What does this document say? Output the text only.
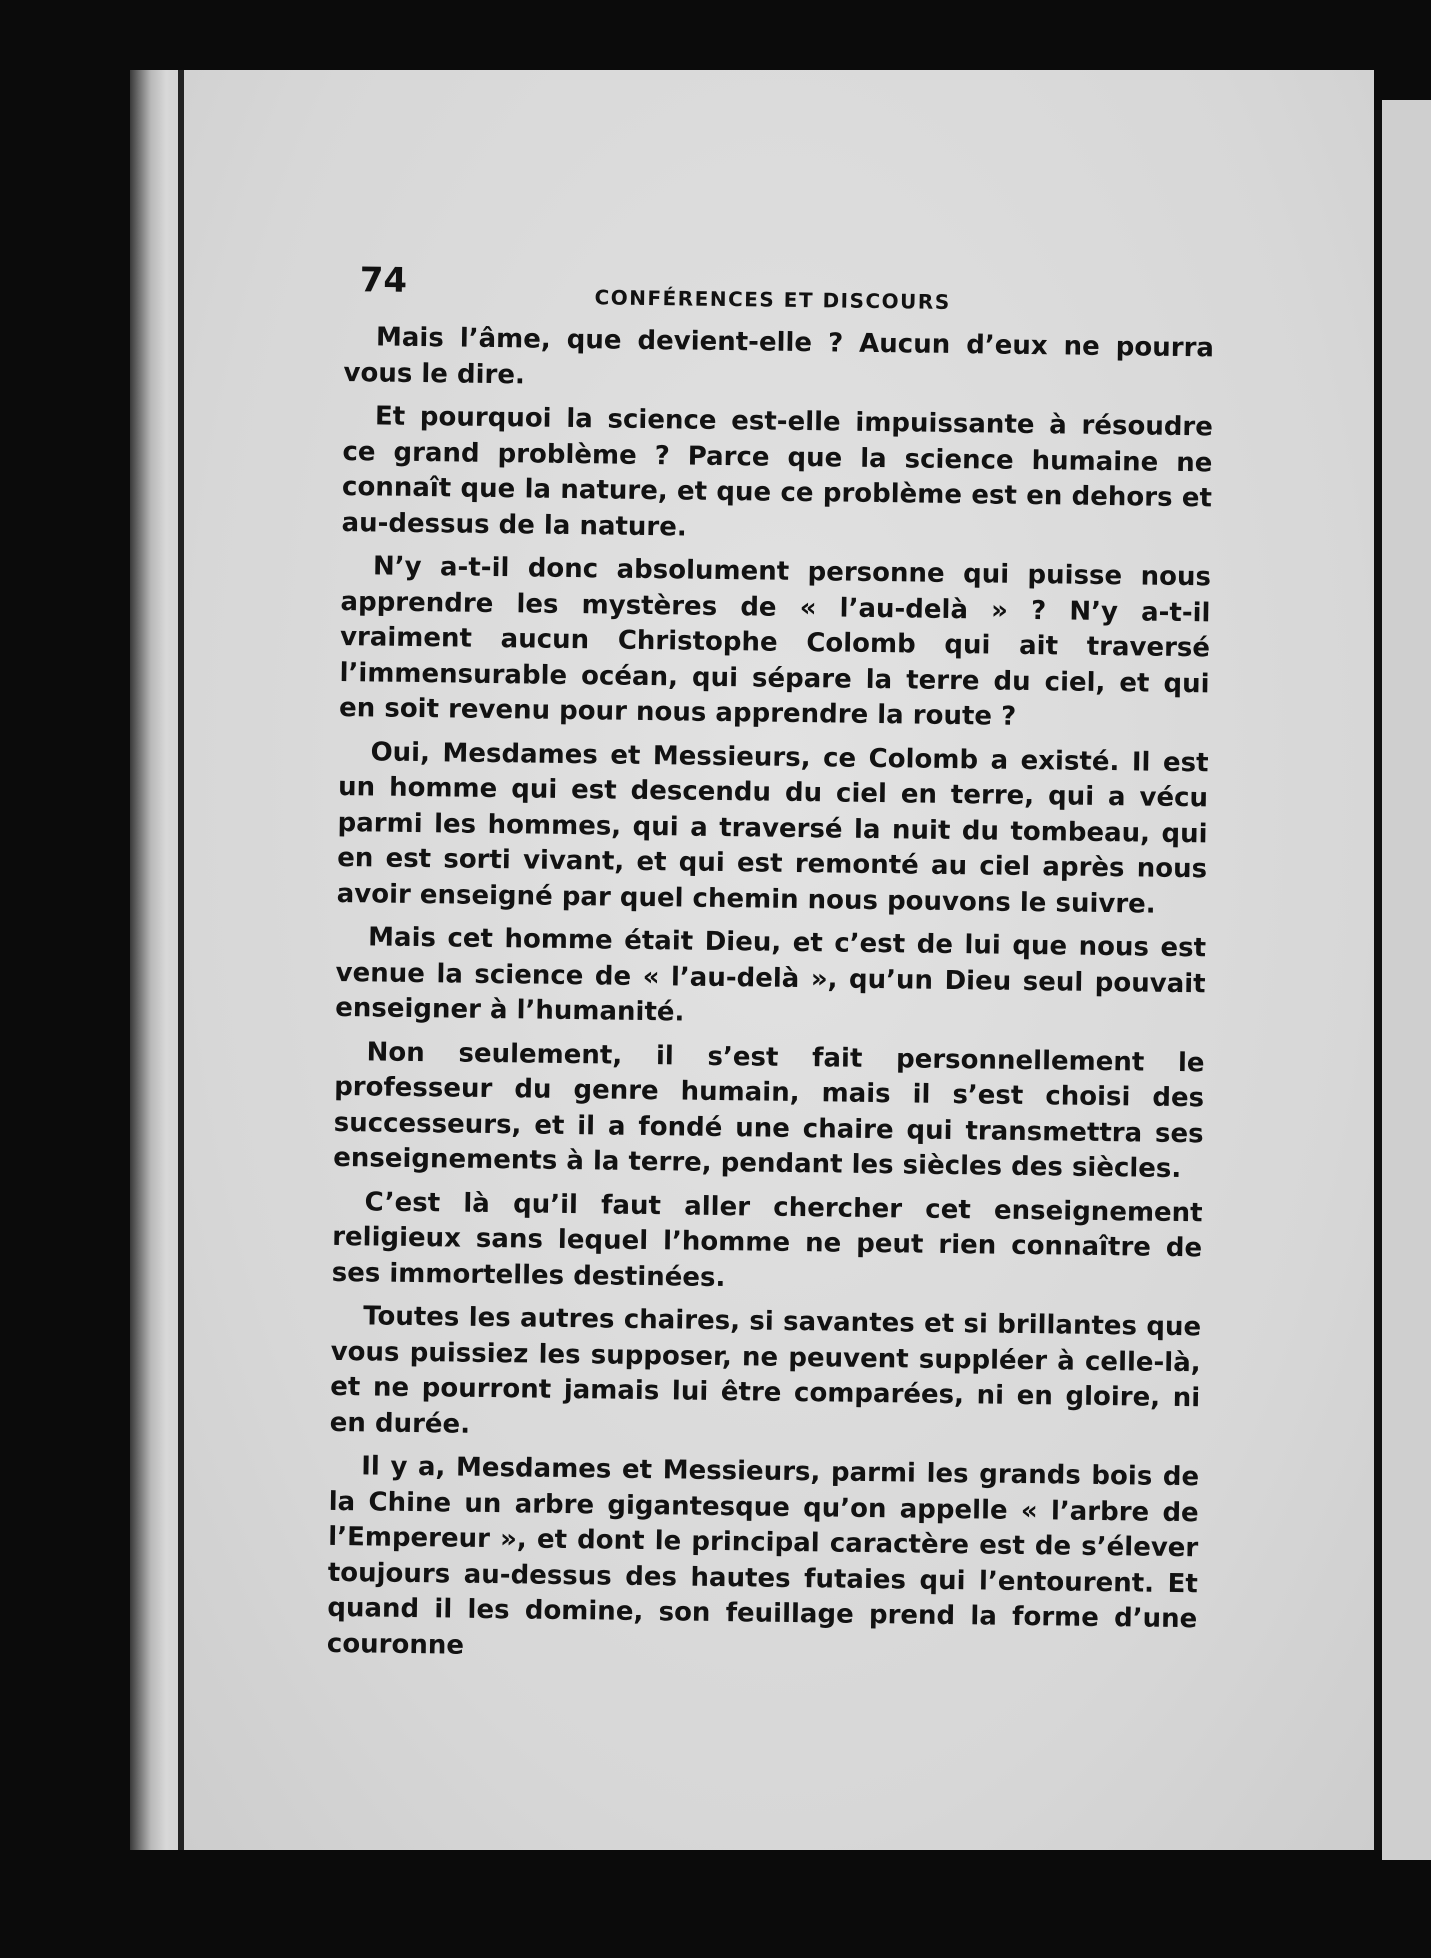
74	CONFÉRENCES ET DISCOURS

Mais l’âme, que devient-elle ? Aucun d’eux ne pourra vous le dire.

Et pourquoi la science est-elle impuissante à résoudre ce grand problème ? Parce que la science humaine ne connaît que la nature, et que ce problème est en dehors et au-dessus de la nature.

N’y a-t-il donc absolument personne qui puisse nous apprendre les mystères de « l’au-delà » ? N’y a-t-il vraiment aucun Christophe Colomb qui ait traversé l’immensurable océan, qui sépare la terre du ciel, et qui en soit revenu pour nous apprendre la route ?

Oui, Mesdames et Messieurs, ce Colomb a existé. Il est un homme qui est descendu du ciel en terre, qui a vécu parmi les hommes, qui a traversé la nuit du tombeau, qui en est sorti vivant, et qui est remonté au ciel après nous avoir enseigné par quel chemin nous pouvons le suivre.

Mais cet homme était Dieu, et c’est de lui que nous est venue la science de « l’au-delà », qu’un Dieu seul pouvait enseigner à l’humanité.

Non seulement, il s’est fait personnellement le professeur du genre humain, mais il s’est choisi des successeurs, et il a fondé une chaire qui transmettra ses enseignements à la terre, pendant les siècles des siècles.

C’est là qu’il faut aller chercher cet enseignement religieux sans lequel l’homme ne peut rien connaître de ses immortelles destinées.

Toutes les autres chaires, si savantes et si brillantes que vous puissiez les supposer, ne peuvent suppléer à celle-là, et ne pourront jamais lui être comparées, ni en gloire, ni en durée.

Il y a, Mesdames et Messieurs, parmi les grands bois de la Chine un arbre gigantesque qu’on appelle « l’arbre de l’Empereur », et dont le principal caractère est de s’élever toujours au-dessus des hautes futaies qui l’entourent. Et quand il les domine, son feuillage prend la forme d’une couronne
